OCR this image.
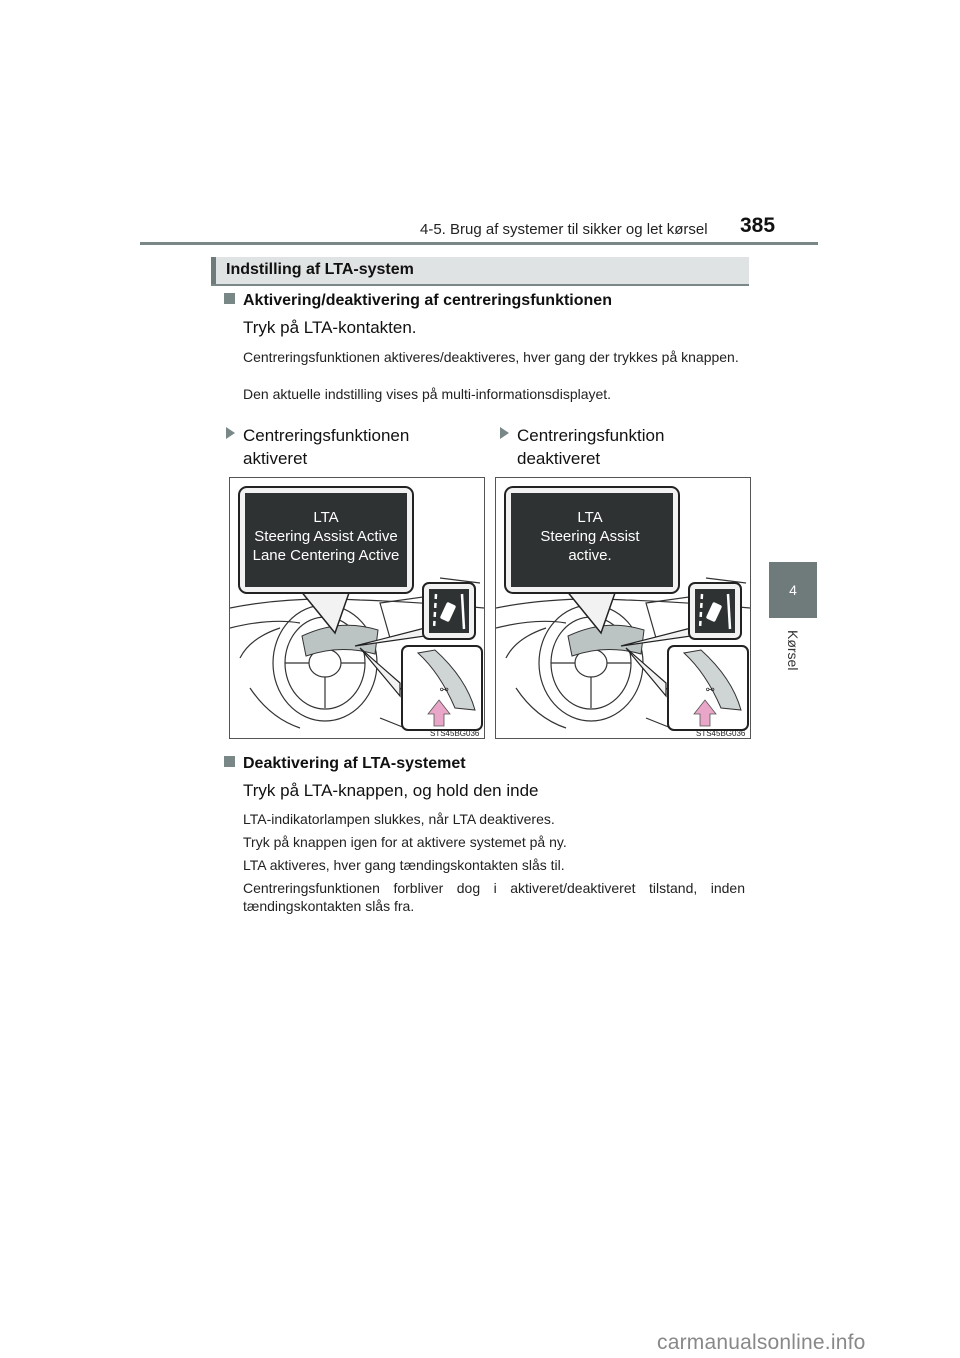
4-5. Brug af systemer til sikker og let kørsel 385
4
Kørsel
Indstilling af LTA-system
Aktivering/deaktivering af centreringsfunktionen
Tryk på LTA-kontakten.
Centreringsfunktionen aktiveres/deaktiveres, hver gang der trykkes på knappen.
Den aktuelle indstilling vises på multi-informationsdisplayet.
Centreringsfunktionen
aktiveret
Centreringsfunktion
deaktiveret
LTA
Steering Assist Active
Lane Centering Active
⚯
STS45BG036
LTA
Steering Assist
active.
⚯
STS45BG036
Deaktivering af LTA-systemet
Tryk på LTA-knappen, og hold den inde
LTA-indikatorlampen slukkes, når LTA deaktiveres.
Tryk på knappen igen for at aktivere systemet på ny.
LTA aktiveres, hver gang tændingskontakten slås til.
Centreringsfunktionen forbliver dog i aktiveret/deaktiveret tilstand, inden tændingskontakten slås fra.
carmanualsonline.info
